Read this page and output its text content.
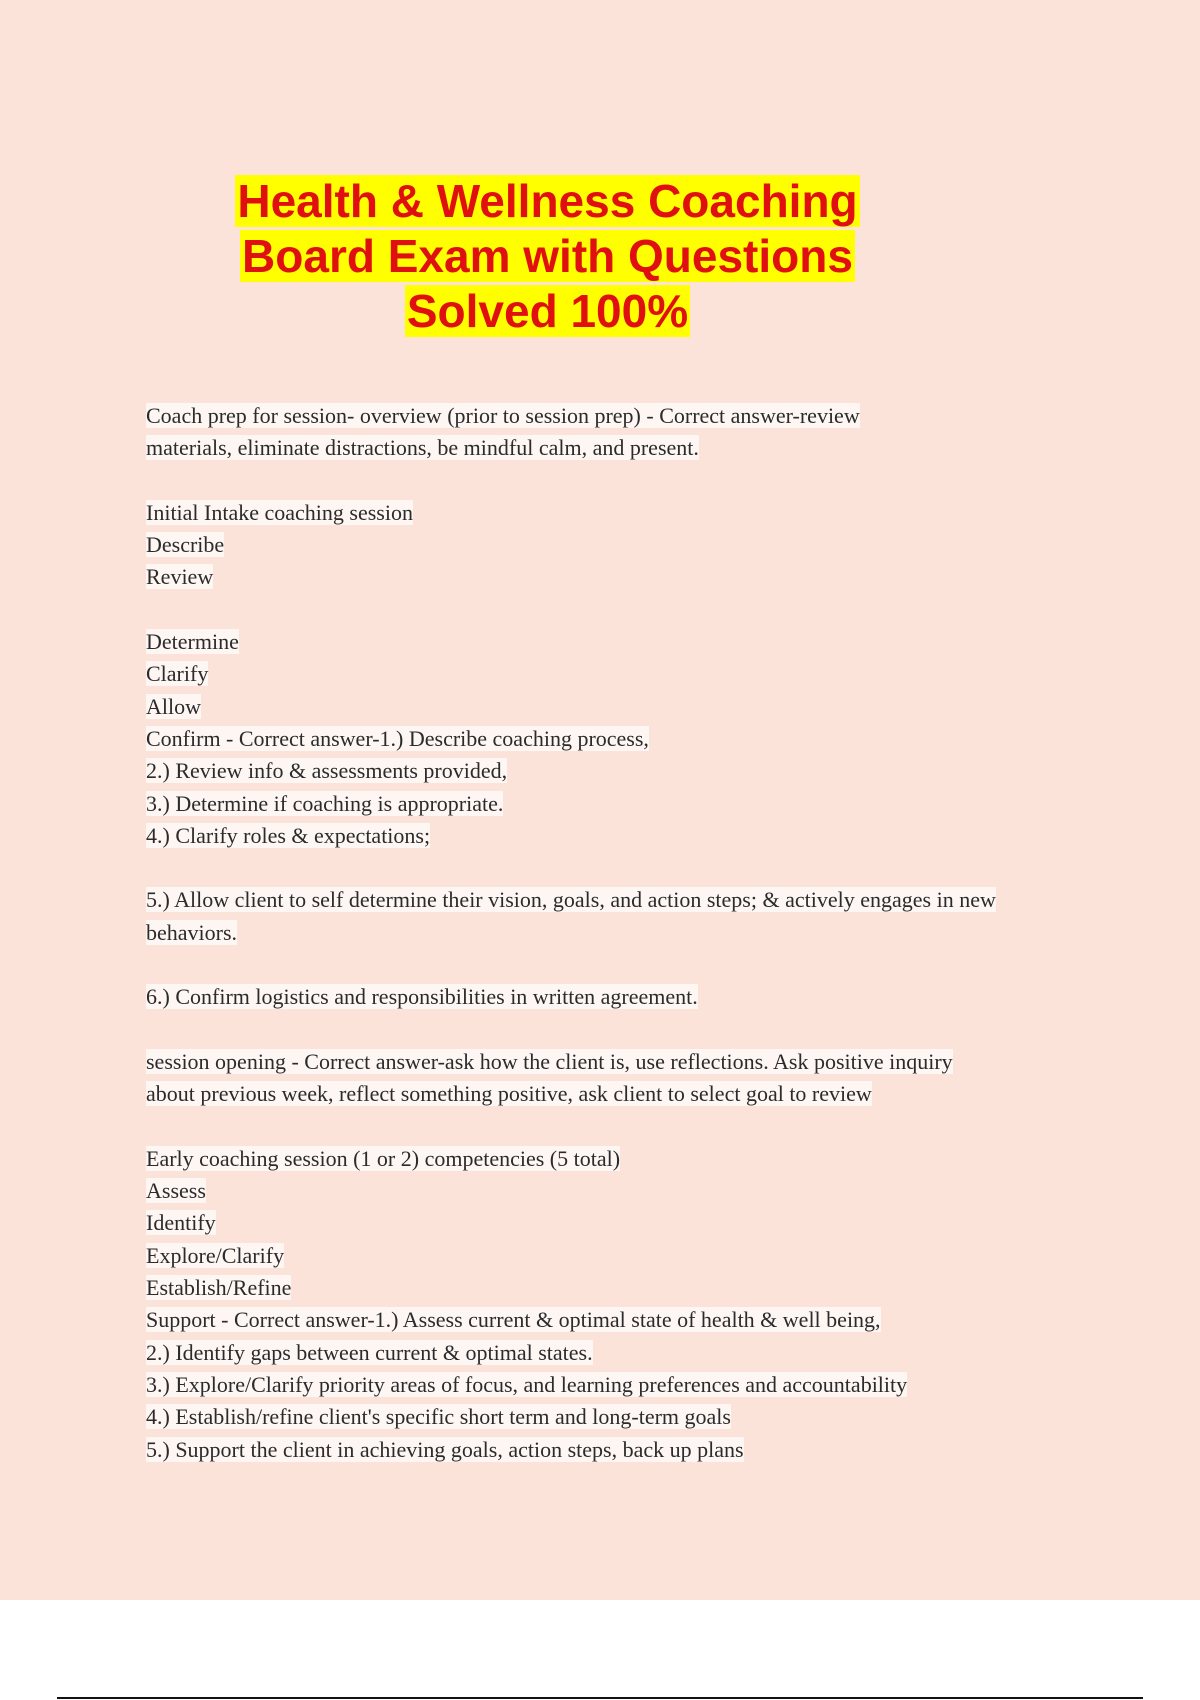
Health & Wellness Coaching
Board Exam with Questions
Solved 100%
Coach prep for session- overview (prior to session prep) - Correct answer-review
materials, eliminate distractions, be mindful calm, and present.
Initial Intake coaching session
Describe
Review
Determine
Clarify
Allow
Confirm - Correct answer-1.) Describe coaching process,
2.) Review info & assessments provided,
3.) Determine if coaching is appropriate.
4.) Clarify roles & expectations;
5.) Allow client to self determine their vision, goals, and action steps; & actively engages in new
behaviors.
6.) Confirm logistics and responsibilities in written agreement.
session opening - Correct answer-ask how the client is, use reflections. Ask positive inquiry
about previous week, reflect something positive, ask client to select goal to review
Early coaching session (1 or 2) competencies (5 total)
Assess
Identify
Explore/Clarify
Establish/Refine
Support - Correct answer-1.) Assess current & optimal state of health & well being,
2.) Identify gaps between current & optimal states.
3.) Explore/Clarify priority areas of focus, and learning preferences and accountability
4.) Establish/refine client's specific short term and long-term goals
5.) Support the client in achieving goals, action steps, back up plans
